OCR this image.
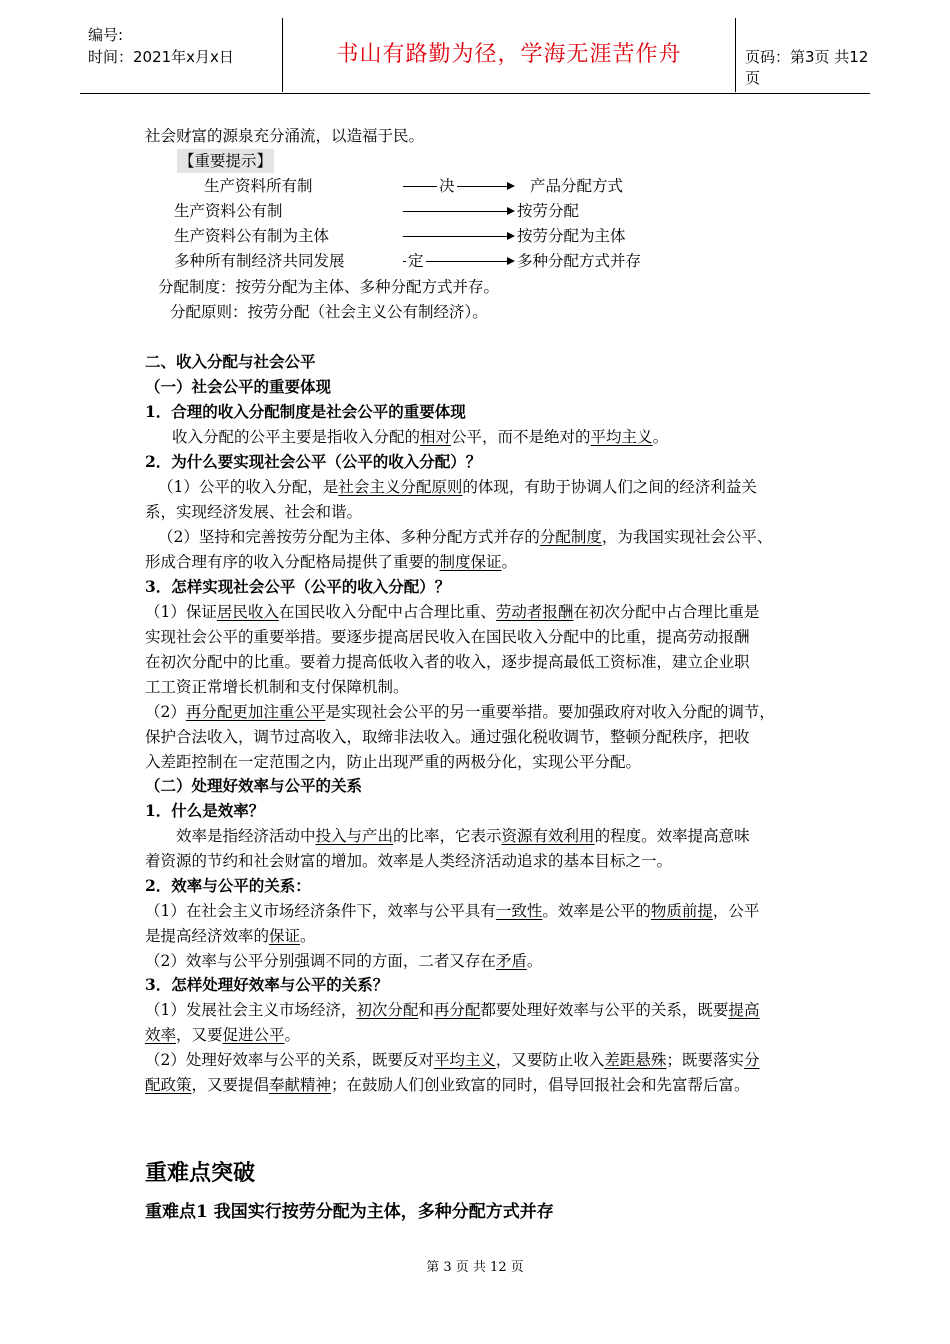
编号:
时间：2021年x月x日	书山有路勤为径，学海无涯苦作舟	页码：第3页 共12页
社会财富的源泉充分涌流，以造福于民。
【重要提示】
生产资料所有制	决	产品分配方式
生产资料公有制	按劳分配
生产资料公有制为主体	按劳分配为主体
多种所有制经济共同发展	定	多种分配方式并存
分配制度：按劳分配为主体、多种分配方式并存。
分配原则：按劳分配（社会主义公有制经济）。
二、收入分配与社会公平
（一）社会公平的重要体现
1．合理的收入分配制度是社会公平的重要体现
收入分配的公平主要是指收入分配的相对公平，而不是绝对的平均主义。
2．为什么要实现社会公平（公平的收入分配）？
（1）公平的收入分配，是社会主义分配原则的体现，有助于协调人们之间的经济利益关
系，实现经济发展、社会和谐。
（2）坚持和完善按劳分配为主体、多种分配方式并存的分配制度，为我国实现社会公平、
形成合理有序的收入分配格局提供了重要的制度保证。
3．怎样实现社会公平（公平的收入分配）？
（1）保证居民收入在国民收入分配中占合理比重、劳动者报酬在初次分配中占合理比重是
实现社会公平的重要举措。要逐步提高居民收入在国民收入分配中的比重，提高劳动报酬
在初次分配中的比重。要着力提高低收入者的收入，逐步提高最低工资标准，建立企业职
工工资正常增长机制和支付保障机制。
（2）再分配更加注重公平是实现社会公平的另一重要举措。要加强政府对收入分配的调节，
保护合法收入，调节过高收入，取缔非法收入。通过强化税收调节，整顿分配秩序，把收
入差距控制在一定范围之内，防止出现严重的两极分化，实现公平分配。
（二）处理好效率与公平的关系
1．什么是效率？
效率是指经济活动中投入与产出的比率，它表示资源有效利用的程度。效率提高意味
着资源的节约和社会财富的增加。效率是人类经济活动追求的基本目标之一。
2．效率与公平的关系：
（1）在社会主义市场经济条件下，效率与公平具有一致性。效率是公平的物质前提，公平
是提高经济效率的保证。
（2）效率与公平分别强调不同的方面，二者又存在矛盾。
3．怎样处理好效率与公平的关系？
（1）发展社会主义市场经济，初次分配和再分配都要处理好效率与公平的关系，既要提高
效率，又要促进公平。
（2）处理好效率与公平的关系，既要反对平均主义，又要防止收入差距悬殊；既要落实分
配政策，又要提倡奉献精神；在鼓励人们创业致富的同时，倡导回报社会和先富帮后富。
重难点突破
重难点1 我国实行按劳分配为主体，多种分配方式并存
第 3 页 共 12 页
